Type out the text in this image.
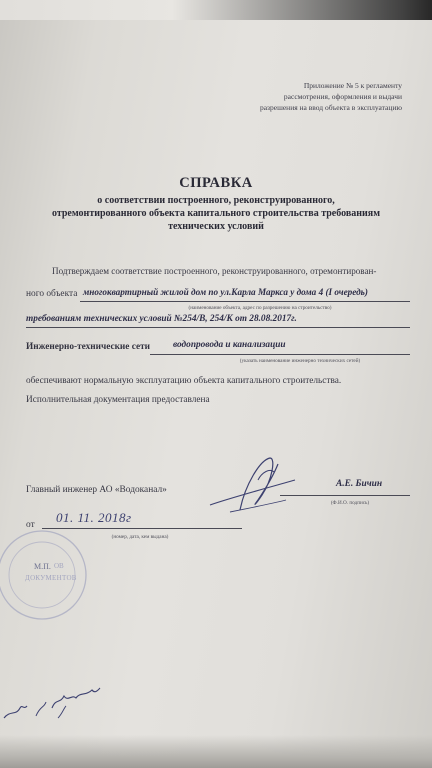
Приложение № 5 к регламенту
рассмотрения, оформления и выдачи
разрешения на ввод объекта в эксплуатацию
СПРАВКА
о соответствии построенного, реконструированного,
отремонтированного объекта капитального строительства требованиям
технических условий
Подтверждаем соответствие построенного, реконструированного, отремонтирован-
ного объекта многоквартирный жилой дом по ул.Карла Маркса у дома 4 (I очередь)
(наименование объекта, адрес по разрешению на строительство)
требованиям технических условий №254/В, 254/К от 28.08.2017г.
Инженерно-технические сети водопровода и канализации
(указать наименование инженерно технических сетей)
обеспечивают нормальную эксплуатацию объекта капитального строительства.
Исполнительная документация предоставлена
Главный инженер АО «Водоканал»
А.Е. Бичин
(Ф.И.О. подпись)
от 01. 11. 2018г
(номер, дата, кем выдана)
М.П. ОВ
ДОКУМЕНТОВ
